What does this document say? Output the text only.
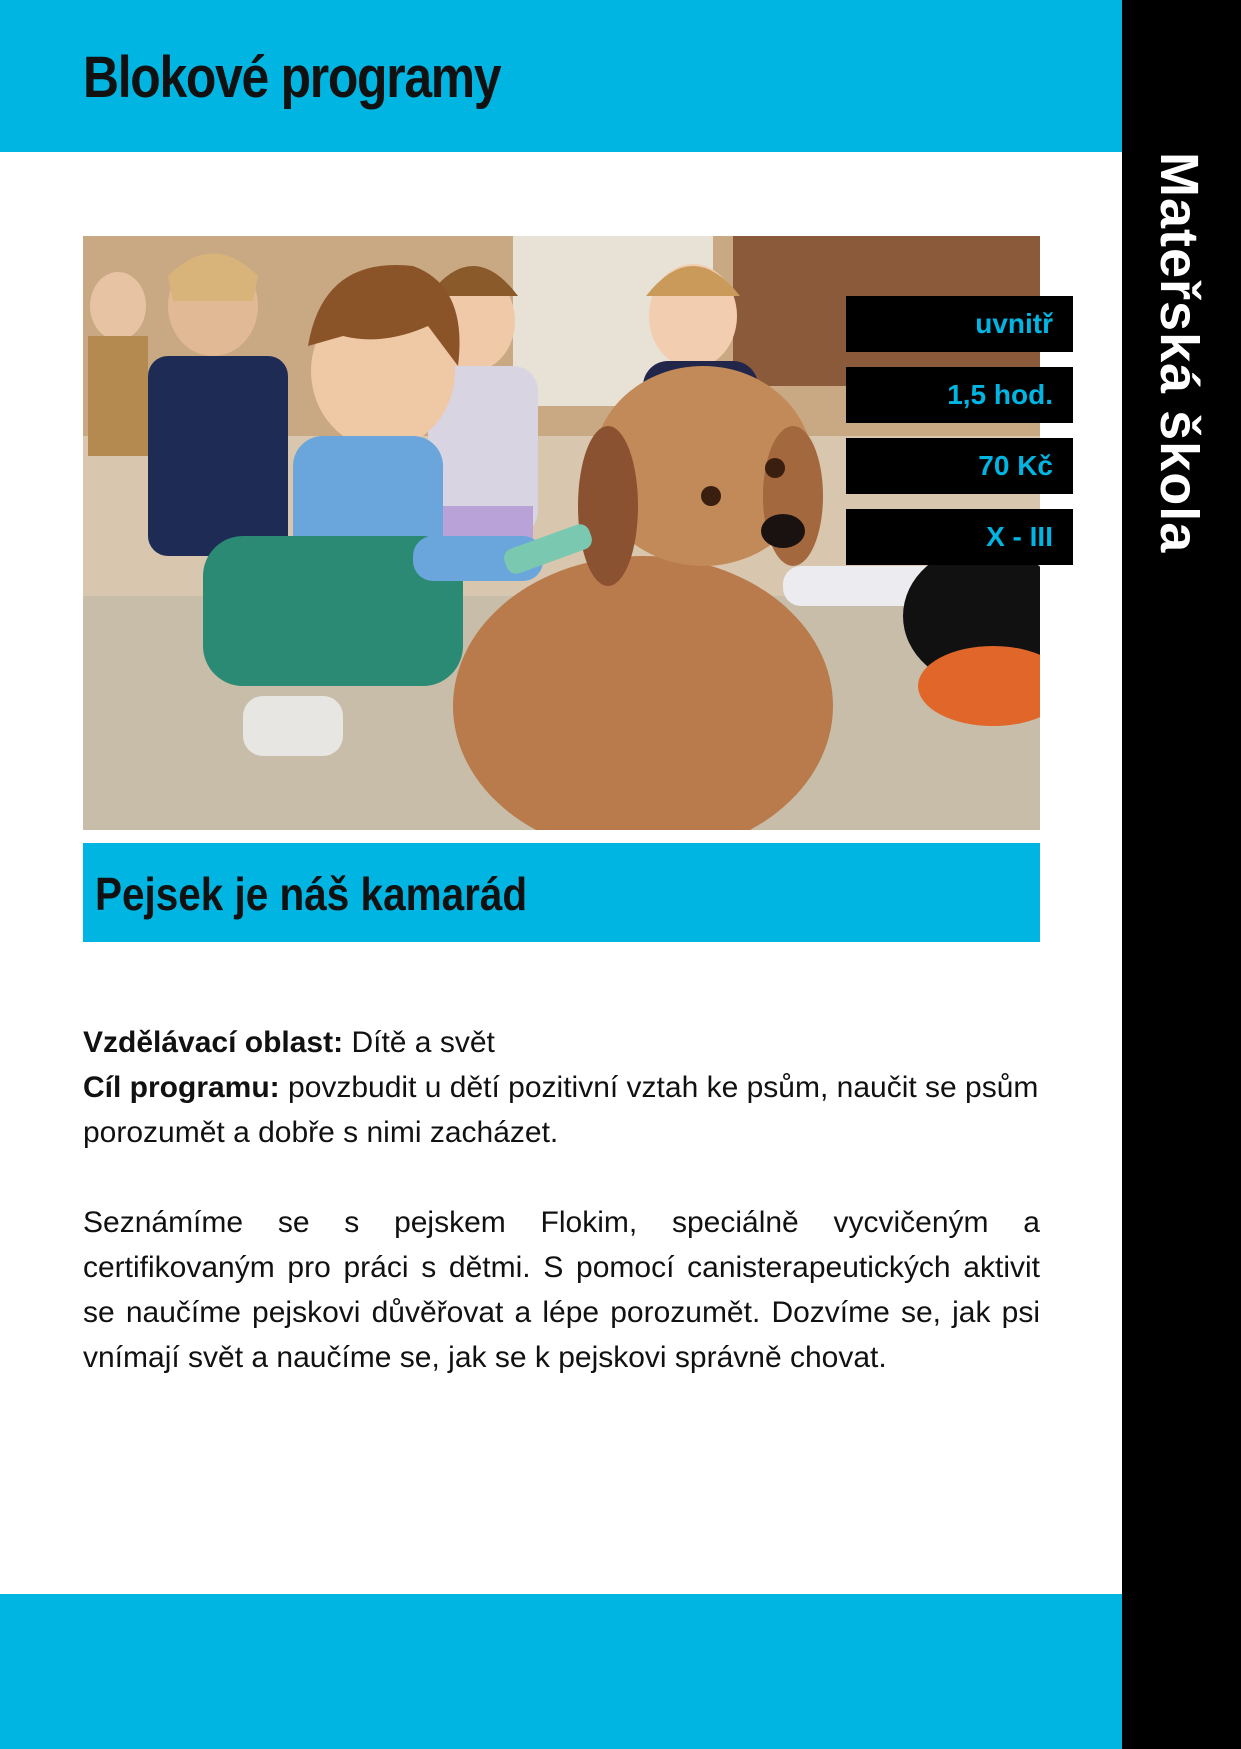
Blokové programy
Mateřská škola
uvnitř
1,5 hod.
70 Kč
X - III
Pejsek je náš kamarád

Vzdělávací oblast: Dítě a svět

Cíl programu: povzbudit u dětí pozitivní vztah ke psům, naučit se psům porozumět a dobře s nimi zacházet.

Seznámíme se s pejskem Flokim, speciálně vycvičeným a certifikovaným pro práci s dětmi. S pomocí canisterapeutických aktivit se naučíme pejskovi důvěřovat a lépe porozumět. Dozvíme se, jak psi vnímají svět a naučíme se, jak se k pejskovi správně chovat.
